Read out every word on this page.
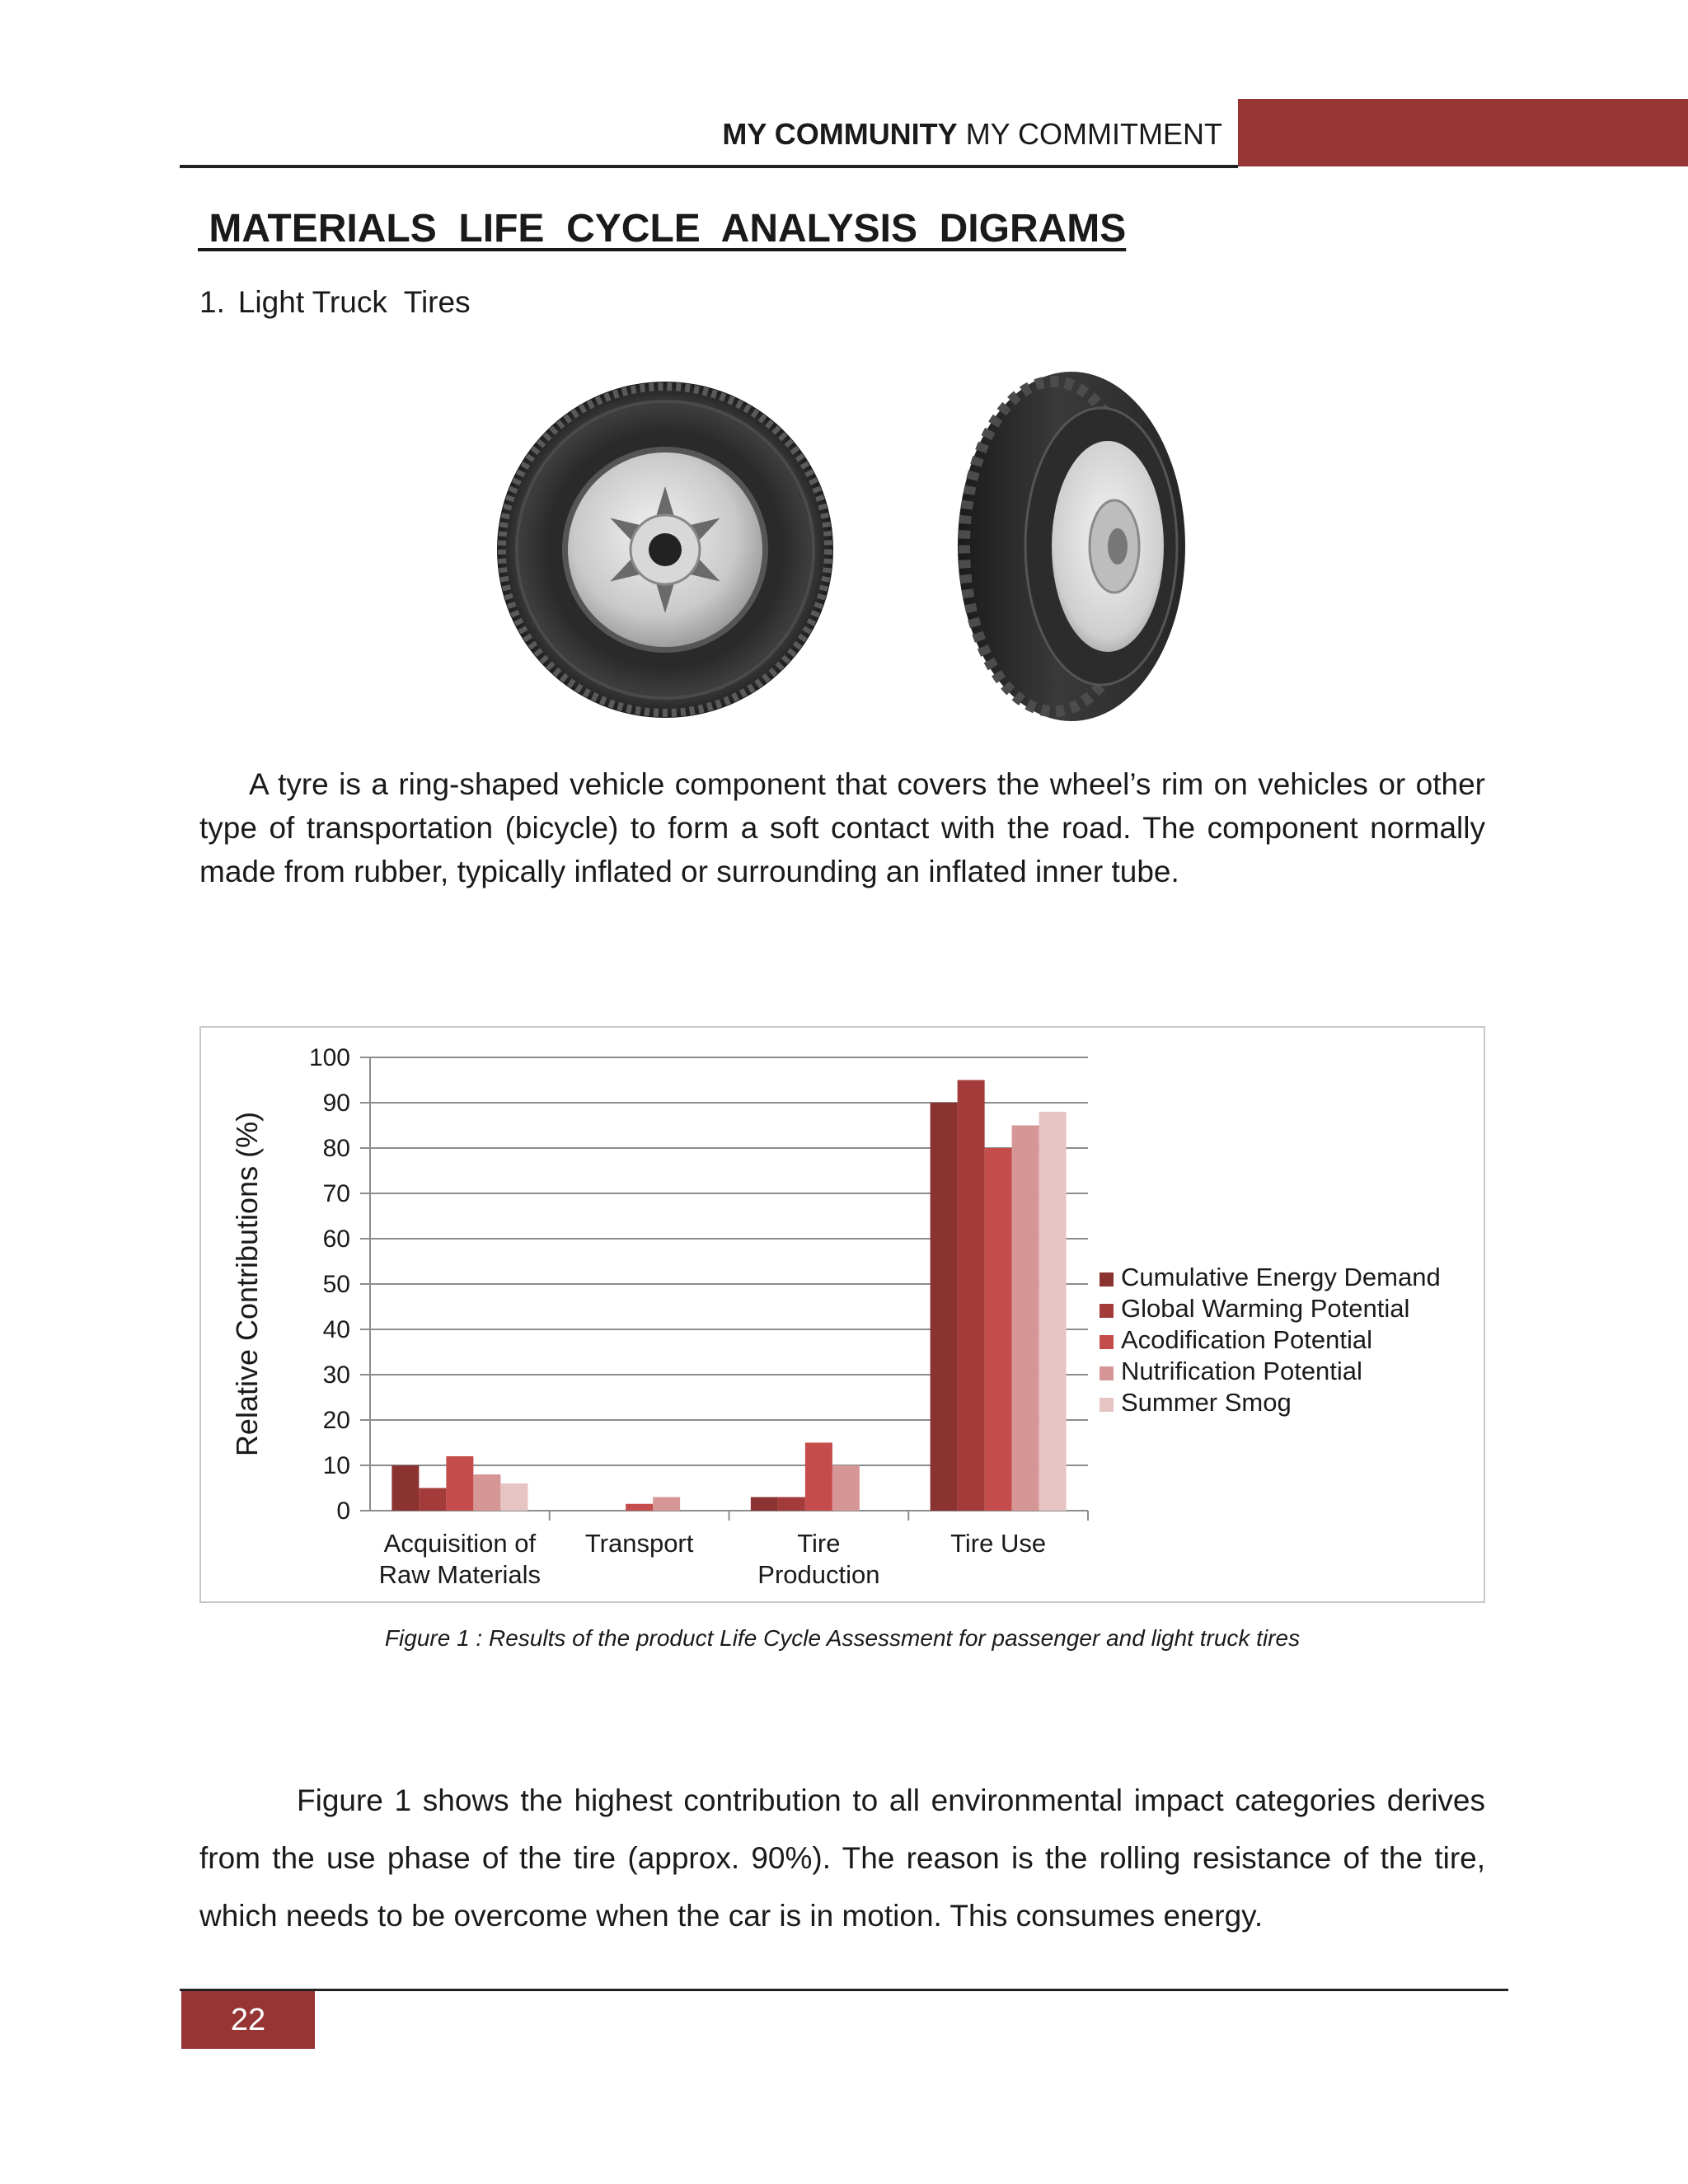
MY COMMUNITY MY COMMITMENT
MATERIALS  LIFE  CYCLE  ANALYSIS  DIGRAMS
1. Light Truck  Tires

A tyre is a ring-shaped vehicle component that covers the wheel’s rim on vehicles or other type of transportation (bicycle) to form a soft contact with the road. The component normally made from rubber, typically inflated or surrounding an inflated inner tube.

0
10
20
30
40
50
60
70
80
90
100
Relative Contributions (%)
Acquisition of
Raw Materials
Transport	Tire
Production
Tire Use
Cumulative Energy Demand
Global Warming Potential
Acodification Potential
Nutrification Potential
Summer Smog
Figure 1 : Results of the product Life Cycle Assessment for passenger and light truck tires

Figure 1 shows the highest contribution to all environmental impact categories derives from the use phase of the tire (approx. 90%). The reason is the rolling resistance of the tire, which needs to be overcome when the car is in motion. This consumes energy.

22
